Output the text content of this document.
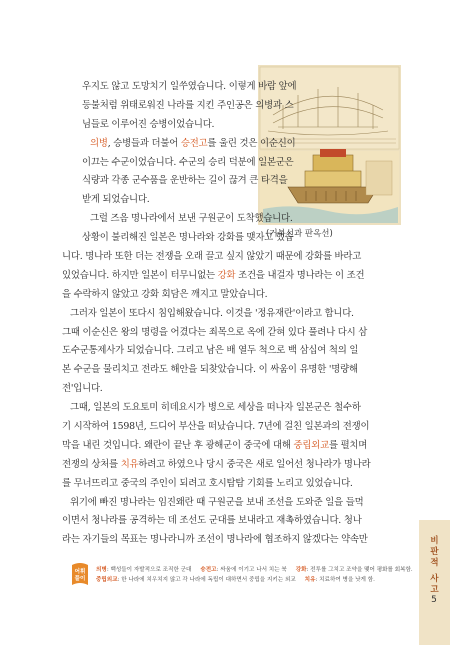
(거북선과 판옥선)
우지도 않고 도망치기 일쑤였습니다. 이렇게 바람 앞에
등불처럼 위태로워진 나라를 지킨 주인공은 의병과 스
님들로 이루어진 승병이었습니다.
의병, 승병들과 더불어 승전고를 울린 것은 이순신이
이끄는 수군이었습니다. 수군의 승리 덕분에 일본군은
식량과 각종 군수품을 운반하는 길이 끊겨 큰 타격을
받게 되었습니다.
그럴 즈음 명나라에서 보낸 구원군이 도착했습니다.
상황이 불리해진 일본은 명나라와 강화를 맺자고 했습
니다. 명나라 또한 더는 전쟁을 오래 끌고 싶지 않았기 때문에 강화를 바라고
있었습니다. 하지만 일본이 터무니없는 강화 조건을 내걸자 명나라는 이 조건
을 수락하지 않았고 강화 회담은 깨지고 말았습니다.
그러자 일본이 또다시 침입해왔습니다. 이것을 '정유재란'이라고 합니다.
그때 이순신은 왕의 명령을 어겼다는 죄목으로 옥에 갇혀 있다 풀려나 다시 삼
도수군통제사가 되었습니다. 그리고 남은 배 열두 척으로 백 삼십여 척의 일
본 수군을 물리치고 전라도 해안을 되찾았습니다. 이 싸움이 유명한 '명량해
전'입니다.
그때, 일본의 도요토미 히데요시가 병으로 세상을 떠나자 일본군은 철수하
기 시작하여 1598년, 드디어 부산을 떠났습니다. 7년에 걸친 일본과의 전쟁이
막을 내린 것입니다. 왜란이 끝난 후 광해군이 중국에 대해 중립외교를 펼치며
전쟁의 상처를 치유하려고 하였으나 당시 중국은 새로 일어선 청나라가 명나라
를 무너뜨리고 중국의 주인이 되려고 호시탐탐 기회를 노리고 있었습니다.
위기에 빠진 명나라는 임진왜란 때 구원군을 보내 조선을 도와준 일을 들먹
이면서 청나라를 공격하는 데 조선도 군대를 보내라고 재촉하였습니다. 청나
라는 자기들의 목표는 명나라니까 조선이 명나라에 협조하지 않겠다는 약속만
어휘
풀이
의병: 백성들이 자발적으로 조직한 군대 승전고: 싸움에 이기고 나서 치는 북 강화: 전투를 그치고 조약을 맺어 평화를 회복함.
중립외교: 한 나라에 치우치지 않고 각 나라에 독립이 대하면서 중립을 지키는 외교 치유: 치료하여 병을 낫게 함.
비
판
적
사
고
5
